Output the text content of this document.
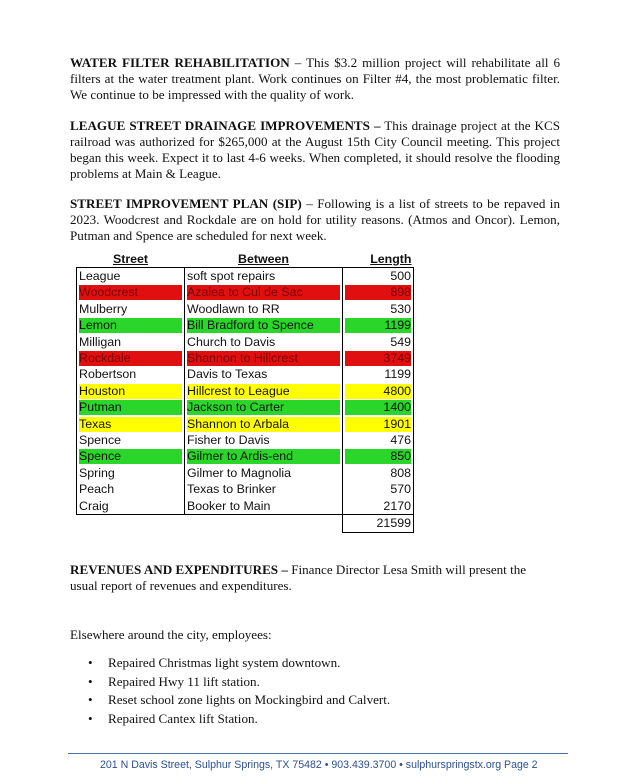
WATER FILTER REHABILITATION – This $3.2 million project will rehabilitate all 6 filters at the water treatment plant. Work continues on Filter #4, the most problematic filter. We continue to be impressed with the quality of work.

LEAGUE STREET DRAINAGE IMPROVEMENTS – This drainage project at the KCS railroad was authorized for $265,000 at the August 15th City Council meeting. This project began this week. Expect it to last 4-6 weeks. When completed, it should resolve the flooding problems at Main & League.

STREET IMPROVEMENT PLAN (SIP) – Following is a list of streets to be repaved in 2023. Woodcrest and Rockdale are on hold for utility reasons. (Atmos and Oncor). Lemon, Putman and Spence are scheduled for next week.

Street	Between	Length
League	soft spot repairs	500

Woodcrest	Azalea to Cul de Sac	898

Mulberry	Woodlawn to RR	530

Lemon	Bill Bradford to Spence	1199

Milligan	Church to Davis	549

Rockdale	Shannon to Hillcrest	3749

Robertson	Davis to Texas	1199

Houston	Hillcrest to League	4800

Putman	Jackson to Carter	1400

Texas	Shannon to Arbala	1901

Spence	Fisher to Davis	476

Spence	Gilmer to Ardis-end	850

Spring	Gilmer to Magnolia	808
Peach	Texas to Brinker	570
Craig	Booker to Main	2170
		21599

REVENUES AND EXPENDITURES – Finance Director Lesa Smith will present the usual report of revenues and expenditures.

Elsewhere around the city, employees:

• Repaired Christmas light system downtown.
• Repaired Hwy 11 lift station.
• Reset school zone lights on Mockingbird and Calvert.
• Repaired Cantex lift Station.
201 N Davis Street, Sulphur Springs, TX 75482 • 903.439.3700 • sulphurspringstx.org Page 2
